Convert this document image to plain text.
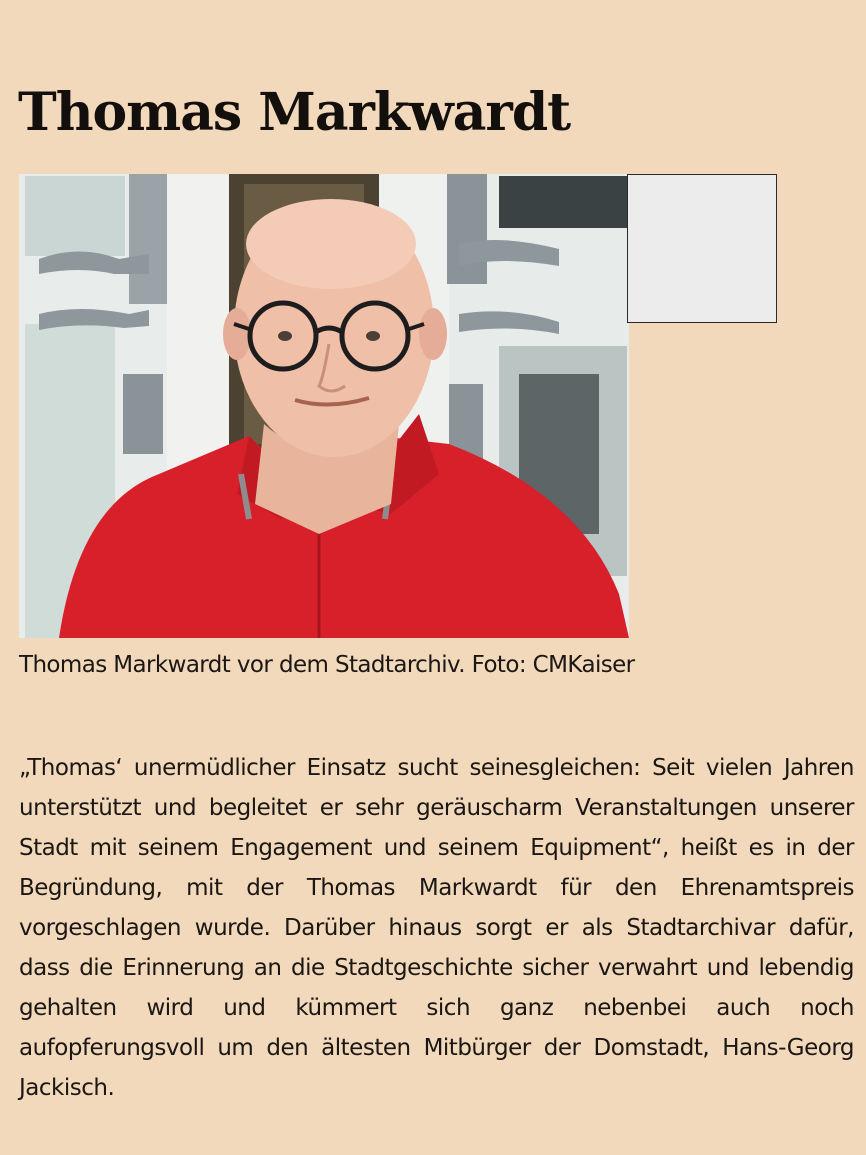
Thomas Markwardt

Thomas Markwardt vor dem Stadtarchiv. Foto: CMKaiser

„Thomas‘ unermüdlicher Einsatz sucht seinesgleichen: Seit vielen Jahren unterstützt und begleitet er sehr geräuscharm Veranstaltungen unserer Stadt mit seinem Engagement und seinem Equipment“, heißt es in der Begründung, mit der Thomas Markwardt für den Ehrenamtspreis vorgeschlagen wurde. Darüber hinaus sorgt er als Stadtarchivar dafür, dass die Erinnerung an die Stadtgeschichte sicher verwahrt und lebendig gehalten wird und kümmert sich ganz nebenbei auch noch aufopferungsvoll um den ältesten Mitbürger der Domstadt, Hans-Georg Jackisch.
